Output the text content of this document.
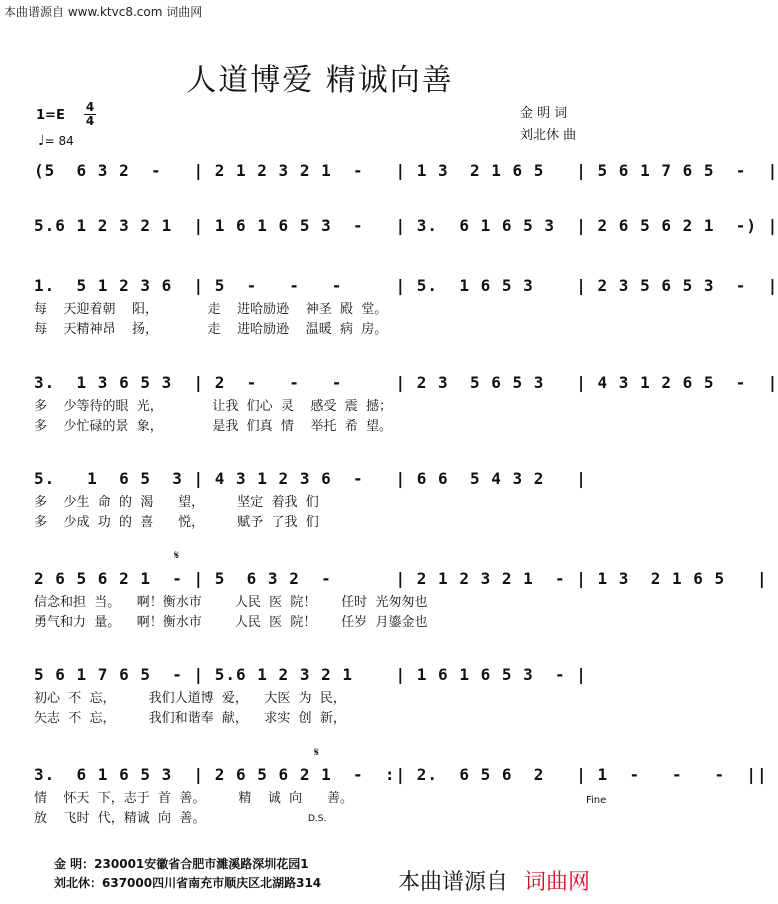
本曲谱源自 www.ktvc8.com 词曲网
人道博爱 精诚向善
金 明 词
刘北休 曲
1=E
4
4
♩= 84
(5  6 3 2  -   | 2 1 2 3 2 1  -   | 1 3  2 1 6 5   | 5 6 1 7 6 5  -  |
5.6 1 2 3 2 1  | 1 6 1 6 5 3  -   | 3.  6 1 6 5 3  | 2 6 5 6 2 1  -) |
1.  5 1 2 3 6  | 5  -   -   -     | 5.  1 6 5 3    | 2 3 5 6 5 3  -  |
每    天迎着朝    阳，            走    进哈励逊    神圣  殿  堂。
每    天精神昂    扬，            走    进哈励逊    温暖  病  房。
3.  1 3 6 5 3  | 2  -   -   -     | 2 3  5 6 5 3   | 4 3 1 2 6 5  -  |
多    少等待的眼  光，            让我  们心  灵    感受  震  撼；
多    少忙碌的景  象，            是我  们真  情    举托  希  望。
5.   1  6 5  3 | 4 3 1 2 3 6  -   | 6 6  5 4 3 2   |
多    少生  命  的  渴      望，        坚定  着我  们
多    少成  功  的  喜      悦，        赋予  了我  们
𝄋
2 6 5 6 2 1  - | 5  6 3 2  -      | 2 1 2 3 2 1  - | 1 3  2 1 6 5   |
信念和担  当。    啊！衡水市        人民  医  院！      任时  光匆匆也
勇气和力  量。    啊！衡水市        人民  医  院！      任岁  月鎏金也
5 6 1 7 6 5  - | 5.6 1 2 3 2 1    | 1 6 1 6 5 3  - |
初心  不  忘，        我们人道博  爱，    大医  为  民，
矢志  不  忘，        我们和谐奉  献，    求实  创  新，
𝄋
3.  6 1 6 5 3  | 2 6 5 6 2 1  -  :| 2.  6 5 6  2   | 1  -   -   -  ||
情    怀天  下，志于  首  善。        精    诚  向      善。
放    飞时  代，精诚  向  善。
Fine
D.S.
金 明：230001安徽省合肥市濉溪路深圳花园1
刘北休：637000四川省南充市顺庆区北湖路314	本曲谱源自 词曲网
